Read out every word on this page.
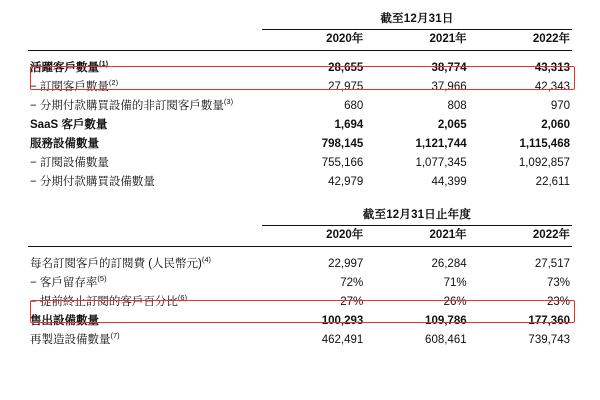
	截至12月31日		

	2020年	2021年	2022年

活躍客戶數量$^{(1)}$	28,655	38,774	43,313
− 訂閱客戶數量$^{(2)}$	27,975	37,966	42,343
− 分期付款購買設備的非訂閱客戶數量$^{(3)}$	680	808	970
SaaS 客戶數量	1,694	2,065	2,060
服務設備數量	798,145	1,121,744	1,115,468
− 訂閱設備數量	755,166	1,077,345	1,092,857
− 分期付款購買設備數量	42,979	44,399	22,611
	截至12月31日止年度		

	2020年	2021年	2022年

每名訂閱客戶的訂閱費 (人民幣元)$^{(4)}$	22,997	26,284	27,517
− 客戶留存率$^{(5)}$	72%	71%	73%
− 提前終止訂閱的客戶百分比$^{(6)}$	27%	26%	23%
售出設備數量	100,293	109,786	177,360
再製造設備數量$^{(7)}$	462,491	608,461	739,743
